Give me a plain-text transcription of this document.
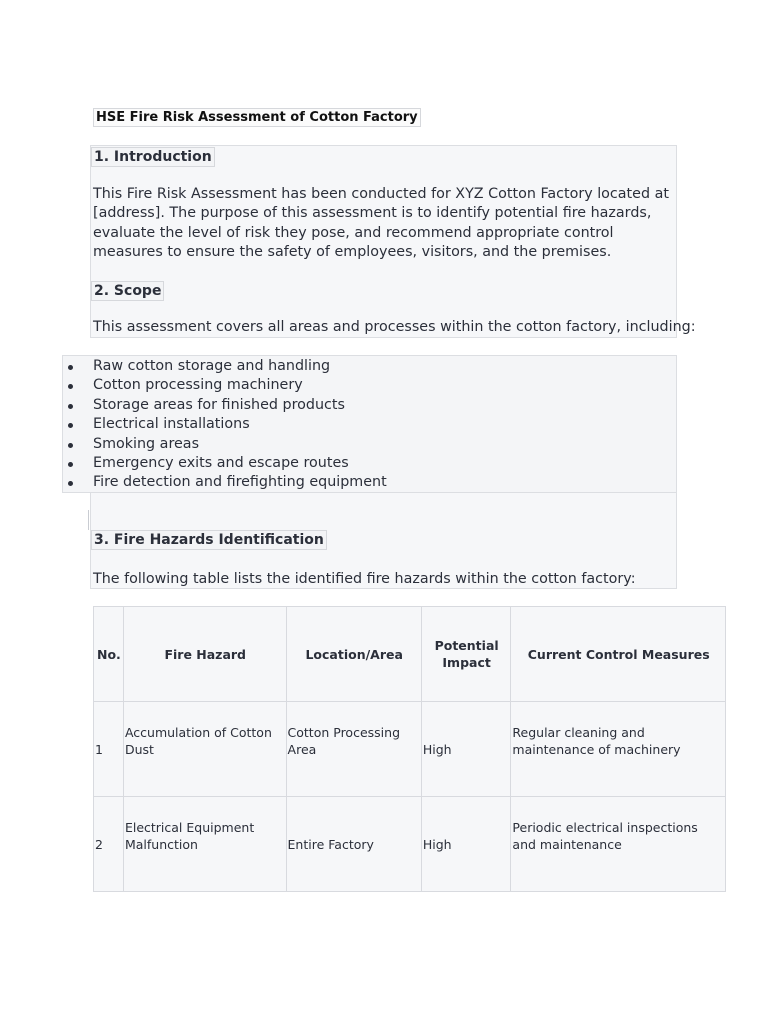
HSE Fire Risk Assessment of Cotton Factory
1. Introduction
This Fire Risk Assessment has been conducted for XYZ Cotton Factory located at [address]. The purpose of this assessment is to identify potential fire hazards, evaluate the level of risk they pose, and recommend appropriate control measures to ensure the safety of employees, visitors, and the premises.
2. Scope
This assessment covers all areas and processes within the cotton factory, including:
Raw cotton storage and handling
Cotton processing machinery
Storage areas for finished products
Electrical installations
Smoking areas
Emergency exits and escape routes
Fire detection and firefighting equipment
3. Fire Hazards Identification
The following table lists the identified fire hazards within the cotton factory:
No.	Fire Hazard	Location/Area	Potential Impact	Current Control Measures

1	Accumulation of Cotton Dust	Cotton Processing Area	High	Regular cleaning and maintenance of machinery

2	Electrical Equipment Malfunction	Entire Factory	High	Periodic electrical inspections and maintenance
